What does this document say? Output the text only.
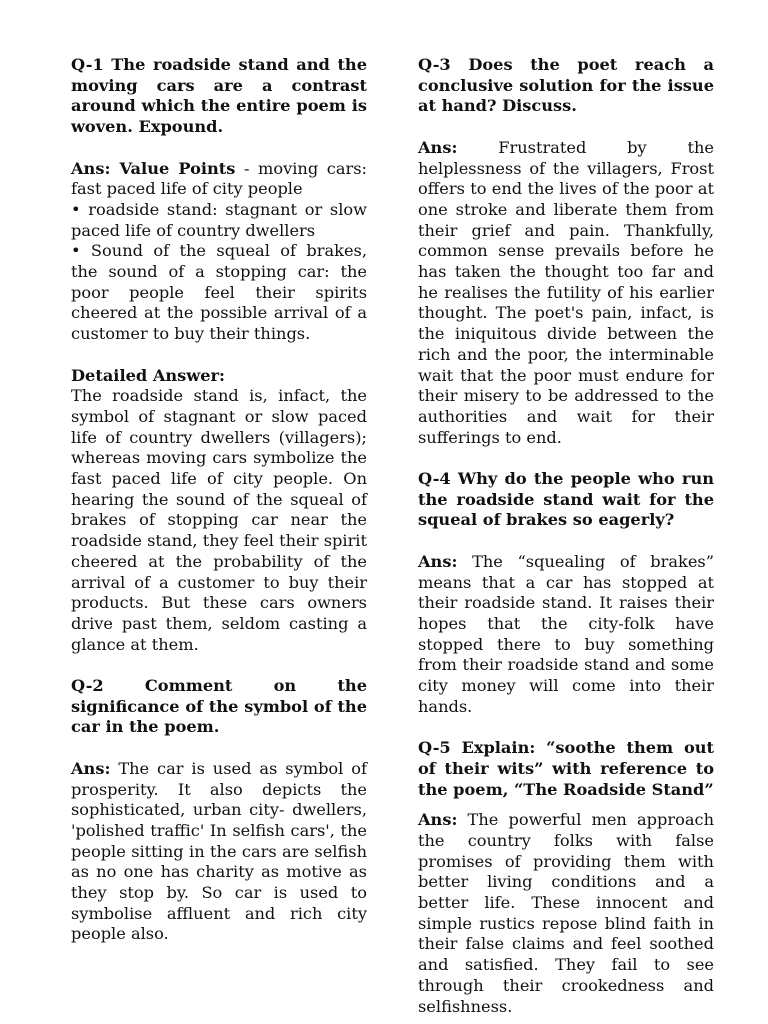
Q-1 The roadside stand and the moving cars are a contrast around which the entire poem is woven. Expound.

Ans: Value Points - moving cars: fast paced life of city people

• roadside stand: stagnant or slow paced life of country dwellers

• Sound of the squeal of brakes, the sound of a stopping car: the poor people feel their spirits cheered at the possible arrival of a customer to buy their things.

Detailed Answer:

The roadside stand is, infact, the symbol of stagnant or slow paced life of country dwellers (villagers); whereas moving cars symbolize the fast paced life of city people. On hearing the sound of the squeal of brakes of stopping car near the roadside stand, they feel their spirit cheered at the probability of the arrival of a customer to buy their products. But these cars owners drive past them, seldom casting a glance at them.

Q-2 Comment on the significance of the symbol of the car in the poem.

Ans: The car is used as symbol of prosperity. It also depicts the sophisticated, urban city- dwellers, 'polished traffic' In selfish cars', the people sitting in the cars are selfish as no one has charity as motive as they stop by. So car is used to symbolise affluent and rich city people also.

Q-3 Does the poet reach a conclusive solution for the issue at hand? Discuss.

Ans: Frustrated by the helplessness of the villagers, Frost offers to end the lives of the poor at one stroke and liberate them from their grief and pain. Thankfully, common sense prevails before he has taken the thought too far and he realises the futility of his earlier thought. The poet's pain, infact, is the iniquitous divide between the rich and the poor, the interminable wait that the poor must endure for their misery to be addressed to the authorities and wait for their sufferings to end.

Q-4 Why do the people who run the roadside stand wait for the squeal of brakes so eagerly?

Ans: The “squealing of brakes” means that a car has stopped at their roadside stand. It raises their hopes that the city-folk have stopped there to buy something from their roadside stand and some city money will come into their hands.

Q-5 Explain: “soothe them out of their wits” with reference to the poem, “The Roadside Stand”

Ans: The powerful men approach the country folks with false promises of providing them with better living conditions and a better life. These innocent and simple rustics repose blind faith in their false claims and feel soothed and satisfied. They fail to see through their crookedness and selfishness.
